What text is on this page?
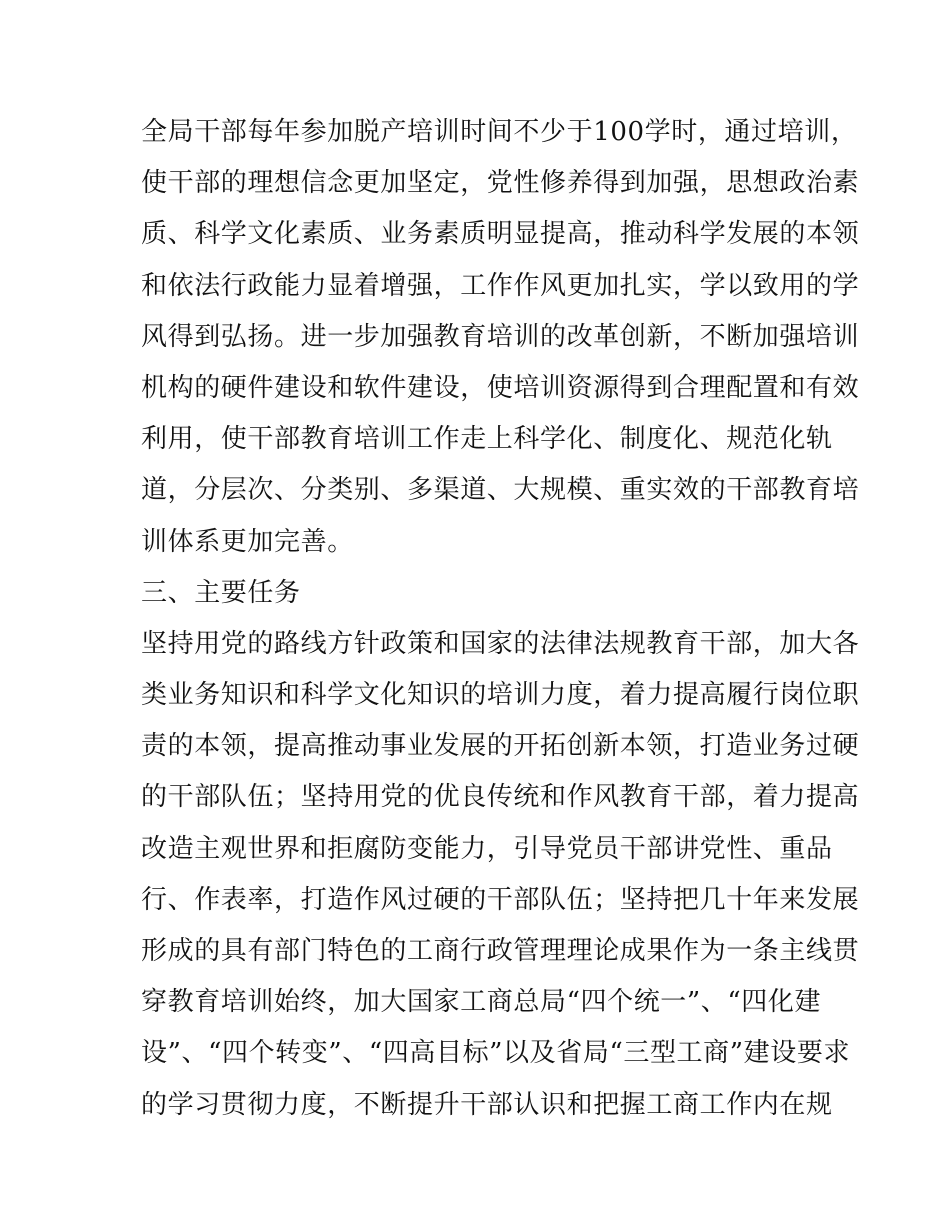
全局干部每年参加脱产培训时间不少于100学时，通过培训，
使干部的理想信念更加坚定，党性修养得到加强，思想政治素
质、科学文化素质、业务素质明显提高，推动科学发展的本领
和依法行政能力显着增强，工作作风更加扎实，学以致用的学
风得到弘扬。进一步加强教育培训的改革创新，不断加强培训
机构的硬件建设和软件建设，使培训资源得到合理配置和有效
利用，使干部教育培训工作走上科学化、制度化、规范化轨
道，分层次、分类别、多渠道、大规模、重实效的干部教育培
训体系更加完善。
三、主要任务
坚持用党的路线方针政策和国家的法律法规教育干部，加大各
类业务知识和科学文化知识的培训力度，着力提高履行岗位职
责的本领，提高推动事业发展的开拓创新本领，打造业务过硬
的干部队伍；坚持用党的优良传统和作风教育干部，着力提高
改造主观世界和拒腐防变能力，引导党员干部讲党性、重品
行、作表率，打造作风过硬的干部队伍；坚持把几十年来发展
形成的具有部门特色的工商行政管理理论成果作为一条主线贯
穿教育培训始终，加大国家工商总局“四个统一”、“四化建
设”、“四个转变”、“四高目标”以及省局“三型工商”建设要求
的学习贯彻力度，不断提升干部认识和把握工商工作内在规
